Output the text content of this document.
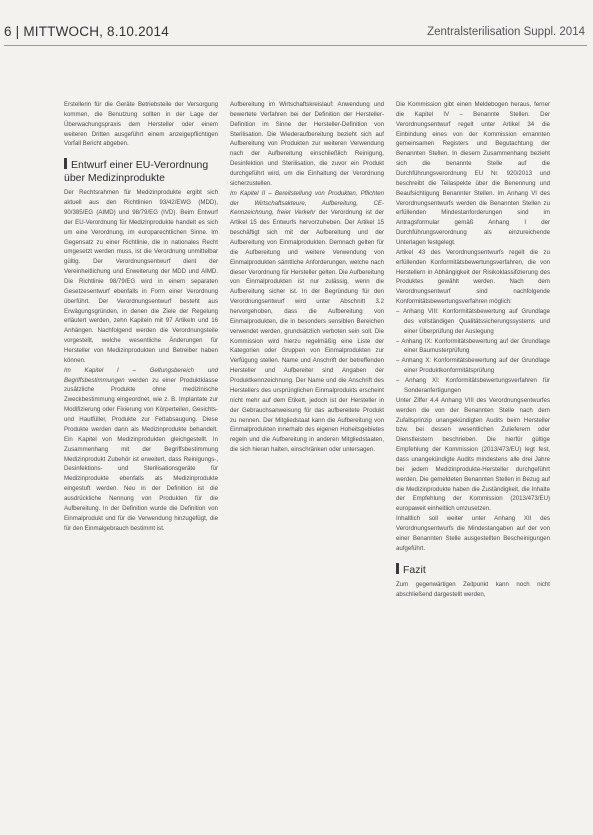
6 | MITTWOCH, 8.10.2014	Zentralsterilisation Suppl. 2014

Erstellerin für die Geräte Betriebsteile der Versorgung kommen, die Benutzung sollten in der Lage der Überwachungspraxis dem Hersteller oder einem weiteren Dritten ausgeführt einem anzeigepflichtigen Vorfall Bericht abgeben.

Entwurf einer EU-Verordnung über Medizinprodukte

Der Rechtsrahmen für Medizinprodukte ergibt sich aktuell aus den Richtlinien 93/42/EWG (MDD), 90/385/EG (AIMD) und 98/79/EG (IVD). Beim Entwurf der EU-Verordnung für Medizinprodukte handelt es sich um eine Verordnung, im europarechtlichen Sinne. Im Gegensatz zu einer Richtlinie, die in nationales Recht umgesetzt werden muss, ist die Verordnung unmittelbar gültig. Der Verordnungsentwurf dient der Vereinheitlichung und Erweiterung der MDD und AIMD. Die Richtlinie 98/79/EG wird in einem separaten Gesetzesentwurf ebenfalls in Form einer Verordnung überführt. Der Verordnungsentwurf besteht aus Erwägungsgründen, in denen die Ziele der Regelung erläutert werden, zehn Kapiteln mit 97 Artikeln und 16 Anhängen. Nachfolgend werden die Verordnungsteile vorgestellt, welche wesentliche Änderungen für Hersteller von Medizinprodukten und Betreiber haben können.

Im Kapitel I – Geltungsbereich und Begriffsbestimmungen werden zu einer Produktklasse zusätzliche Produkte ohne medizinische Zweckbestimmung eingeordnet, wie z. B. Implantate zur Modifizierung oder Fixierung von Körperteilen, Gesichts- und Hautfüller, Produkte zur Fettabsaugung. Diese Produkte werden dann als Medizinprodukte behandelt. Ein Kapitel von Medizinprodukten gleichgestellt. In Zusammenhang mit der Begriffsbestimmung Medizinprodukt Zubehör ist erweitert, dass Reinigungs-, Desinfektions- und Sterilisationsgeräte für Medizinprodukte ebenfalls als Medizinprodukte eingestuft werden. Neu in der Definition ist die ausdrückliche Nennung von Produkten für die Aufbereitung. In der Definition wurde die Definition von Einmalprodukt und für die Verwendung hinzugefügt, die für den Einmalgebrauch bestimmt ist.

Aufbereitung im Wirtschaftskreislauf: Anwendung und bewertete Verfahren bei der Definition der Hersteller-Definition im Sinne der Hersteller-Definition von Sterilisation. Die Wiederaufbereitung bezieht sich auf Aufbereitung von Produkten zur weiteren Verwendung nach der Aufbereitung einschließlich Reinigung, Desinfektion und Sterilisation, die zuvor ein Produkt durchgeführt wird, um die Einhaltung der Verordnung sicherzustellen.

Im Kapitel II – Bereitstellung von Produkten, Pflichten der Wirtschaftsakteure, Aufbereitung, CE-Kennzeichnung, freier Verkehr der Verordnung ist der Artikel 15 des Entwurfs hervorzuheben. Der Artikel 15 beschäftigt sich mit der Aufbereitung und der Aufbereitung von Einmalprodukten. Demnach gelten für die Aufbereitung und weitere Verwendung von Einmalprodukten sämtliche Anforderungen, welche nach dieser Verordnung für Hersteller gelten. Die Aufbereitung von Einmalprodukten ist nur zulässig, wenn die Aufbereitung sicher ist. In der Begründung für den Verordnungsentwurf wird unter Abschnitt 3.2 hervorgehoben, dass die Aufbereitung von Einmalprodukten, die in besonders sensiblen Bereichen verwendet werden, grundsätzlich verboten sein soll. Die Kommission wird hierzu regelmäßig eine Liste der Kategorien oder Gruppen von Einmalprodukten zur Verfügung stellen. Name und Anschrift der betreffenden Hersteller und Aufbereiter sind Angaben der Produktkennzeichnung. Der Name und die Anschrift des Herstellers des ursprünglichen Einmalprodukts erscheint nicht mehr auf dem Etikett, jedoch ist der Hersteller in der Gebrauchsanweisung für das aufbereitete Produkt zu nennen. Der Mitgliedstaat kann die Aufbereitung von Einmalprodukten innerhalb des eigenen Hoheitsgebietes regeln und die Aufbereitung in anderen Mitgliedstaaten, die sich hieran halten, einschränken oder untersagen.

Die Kommission gibt einen Meldebogen heraus, ferner die Kapitel IV – Benannte Stellen. Der Verordnungsentwurf regelt unter Artikel 34 die Einbindung eines von der Kommission ernannten gemeinsamen Registers und Begutachtung der Benannten Stellen. In diesem Zusammenhang bezieht sich die benannte Stelle auf die Durchführungsverordnung EU Nr. 920/2013 und beschreibt die Teilaspekte über die Benennung und Beaufsichtigung Benannter Stellen. Im Anhang VI des Verordnungsentwurfs werden die Benannten Stellen zu erfüllenden Mindestanforderungen sind im Antragsformular gemäß Anhang I der Durchführungsverordnung als einzureichende Unterlagen festgelegt.

Artikel 43 des Verordnungsentwurfs regelt die zu erfüllenden Konformitätsbewertungsverfahren, die von Herstellern in Abhängigkeit der Risikoklassifizierung des Produktes gewählt werden. Nach dem Verordnungsentwurf sind nachfolgende Konformitätsbewertungsverfahren möglich:

– Anhang VIII: Konformitätsbewertung auf Grundlage des vollständigen Qualitätssicherungssystems und einer Überprüfung der Auslegung
– Anhang IX: Konformitätsbewertung auf der Grundlage einer Baumusterprüfung
– Anhang X: Konformitätsbewertung auf der Grundlage einer Produktkonformitätsprüfung
– Anhang XI: Konformitätsbewertungsverfahren für Sonderanfertigungen

Unter Ziffer 4.4 Anhang VIII des Verordnungsentwurfes werden die von der Benannten Stelle nach dem Zufallsprinzip unangekündigten Audits beim Hersteller bzw. bei dessen wesentlichen Zulieferern oder Dienstleistern beschrieben. Die hierfür gültige Empfehlung der Kommission (2013/473/EU) legt fest, dass unangekündigte Audits mindestens alle drei Jahre bei jedem Medizinprodukte-Hersteller durchgeführt werden. Die gemeldeten Benannten Stellen in Bezug auf die Medizinprodukte haben die Zuständigkeit, die Inhalte der Empfehlung der Kommission (2013/473/EU) europaweit einheitlich umzusetzen.

Inhaltlich soll weiter unter Anhang XII des Verordnungsentwurfs die Mindestangaben auf der von einer Benannten Stelle ausgestellten Bescheinigungen aufgeführt.

Fazit

Zum gegenwärtigen Zeitpunkt kann noch nicht abschließend dargestellt werden,
